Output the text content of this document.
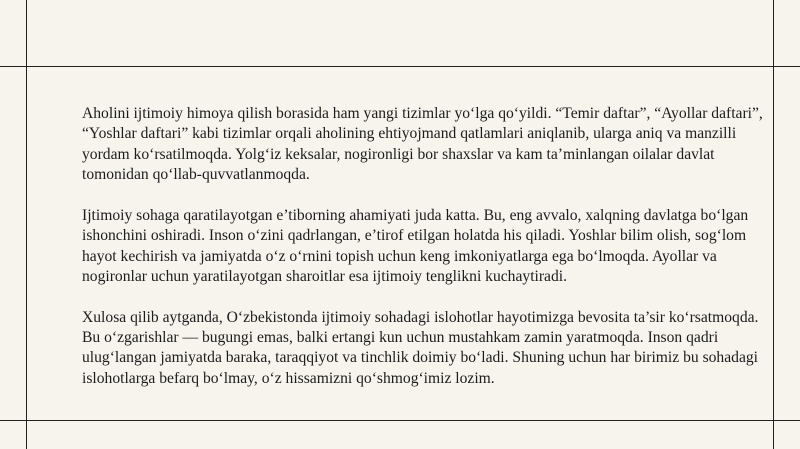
Aholini ijtimoiy himoya qilish borasida ham yangi tizimlar yo‘lga qo‘yildi. “Temir daftar”, “Ayollar daftari”, “Yoshlar daftari” kabi tizimlar orqali aholining ehtiyojmand qatlamlari aniqlanib, ularga aniq va manzilli yordam ko‘rsatilmoqda. Yolg‘iz keksalar, nogironligi bor shaxslar va kam ta’minlangan oilalar davlat tomonidan qo‘llab-quvvatlanmoqda.

Ijtimoiy sohaga qaratilayotgan e’tiborning ahamiyati juda katta. Bu, eng avvalo, xalqning davlatga bo‘lgan ishonchini oshiradi. Inson o‘zini qadrlangan, e’tirof etilgan holatda his qiladi. Yoshlar bilim olish, sog‘lom hayot kechirish va jamiyatda o‘z o‘rnini topish uchun keng imkoniyatlarga ega bo‘lmoqda. Ayollar va nogironlar uchun yaratilayotgan sharoitlar esa ijtimoiy tenglikni kuchaytiradi.

Xulosa qilib aytganda, O‘zbekistonda ijtimoiy sohadagi islohotlar hayotimizga bevosita ta’sir ko‘rsatmoqda. Bu o‘zgarishlar — bugungi emas, balki ertangi kun uchun mustahkam zamin yaratmoqda. Inson qadri ulug‘langan jamiyatda baraka, taraqqiyot va tinchlik doimiy bo‘ladi. Shuning uchun har birimiz bu sohadagi islohotlarga befarq bo‘lmay, o‘z hissamizni qo‘shmog‘imiz lozim.
